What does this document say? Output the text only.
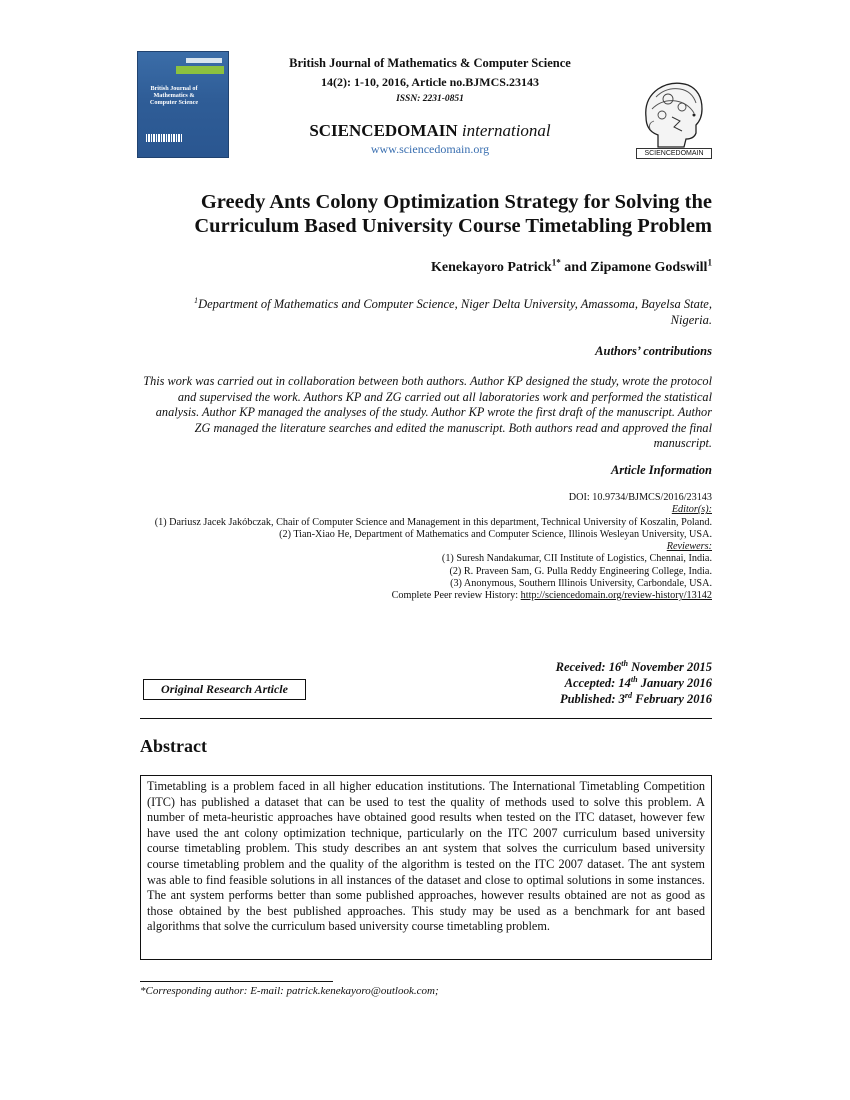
British Journal of Mathematics & Computer Science
British Journal of Mathematics & Computer Science
14(2): 1-10, 2016, Article no.BJMCS.23143
ISSN: 2231-0851
SCIENCEDOMAIN international
www.sciencedomain.org	SCIENCEDOMAIN
Greedy Ants Colony Optimization Strategy for Solving the
Curriculum Based University Course Timetabling Problem
Kenekayoro Patrick$^{1*}$ and Zipamone Godswill$^1$
$^1$Department of Mathematics and Computer Science, Niger Delta University, Amassoma, Bayelsa State, Nigeria.
Authors’ contributions
This work was carried out in collaboration between both authors. Author KP designed the study, wrote the protocol and supervised the work. Authors KP and ZG carried out all laboratories work and performed the statistical analysis. Author KP managed the analyses of the study. Author KP wrote the first draft of the manuscript. Author ZG managed the literature searches and edited the manuscript. Both authors read and approved the final manuscript.
Article Information
DOI: 10.9734/BJMCS/2016/23143
Editor(s):
(1) Dariusz Jacek Jakóbczak, Chair of Computer Science and Management in this department, Technical University of Koszalin, Poland.
(2) Tian-Xiao He, Department of Mathematics and Computer Science, Illinois Wesleyan University, USA.
Reviewers:
(1) Suresh Nandakumar, CII Institute of Logistics, Chennai, India.
(2) R. Praveen Sam, G. Pulla Reddy Engineering College, India.
(3) Anonymous, Southern Illinois University, Carbondale, USA.
Complete Peer review History: http://sciencedomain.org/review-history/13142
Received: 16th November 2015
Accepted: 14th January 2016
Published: 3rd February 2016
Original Research Article
Abstract
Timetabling is a problem faced in all higher education institutions. The International Timetabling Competition (ITC) has published a dataset that can be used to test the quality of methods used to solve this problem. A number of meta-heuristic approaches have obtained good results when tested on the ITC dataset, however few have used the ant colony optimization technique, particularly on the ITC 2007 curriculum based university course timetabling problem. This study describes an ant system that solves the curriculum based university course timetabling problem and the quality of the algorithm is tested on the ITC 2007 dataset. The ant system was able to find feasible solutions in all instances of the dataset and close to optimal solutions in some instances. The ant system performs better than some published approaches, however results obtained are not as good as those obtained by the best published approaches. This study may be used as a benchmark for ant based algorithms that solve the curriculum based university course timetabling problem.
*Corresponding author: E-mail: patrick.kenekayoro@outlook.com;
